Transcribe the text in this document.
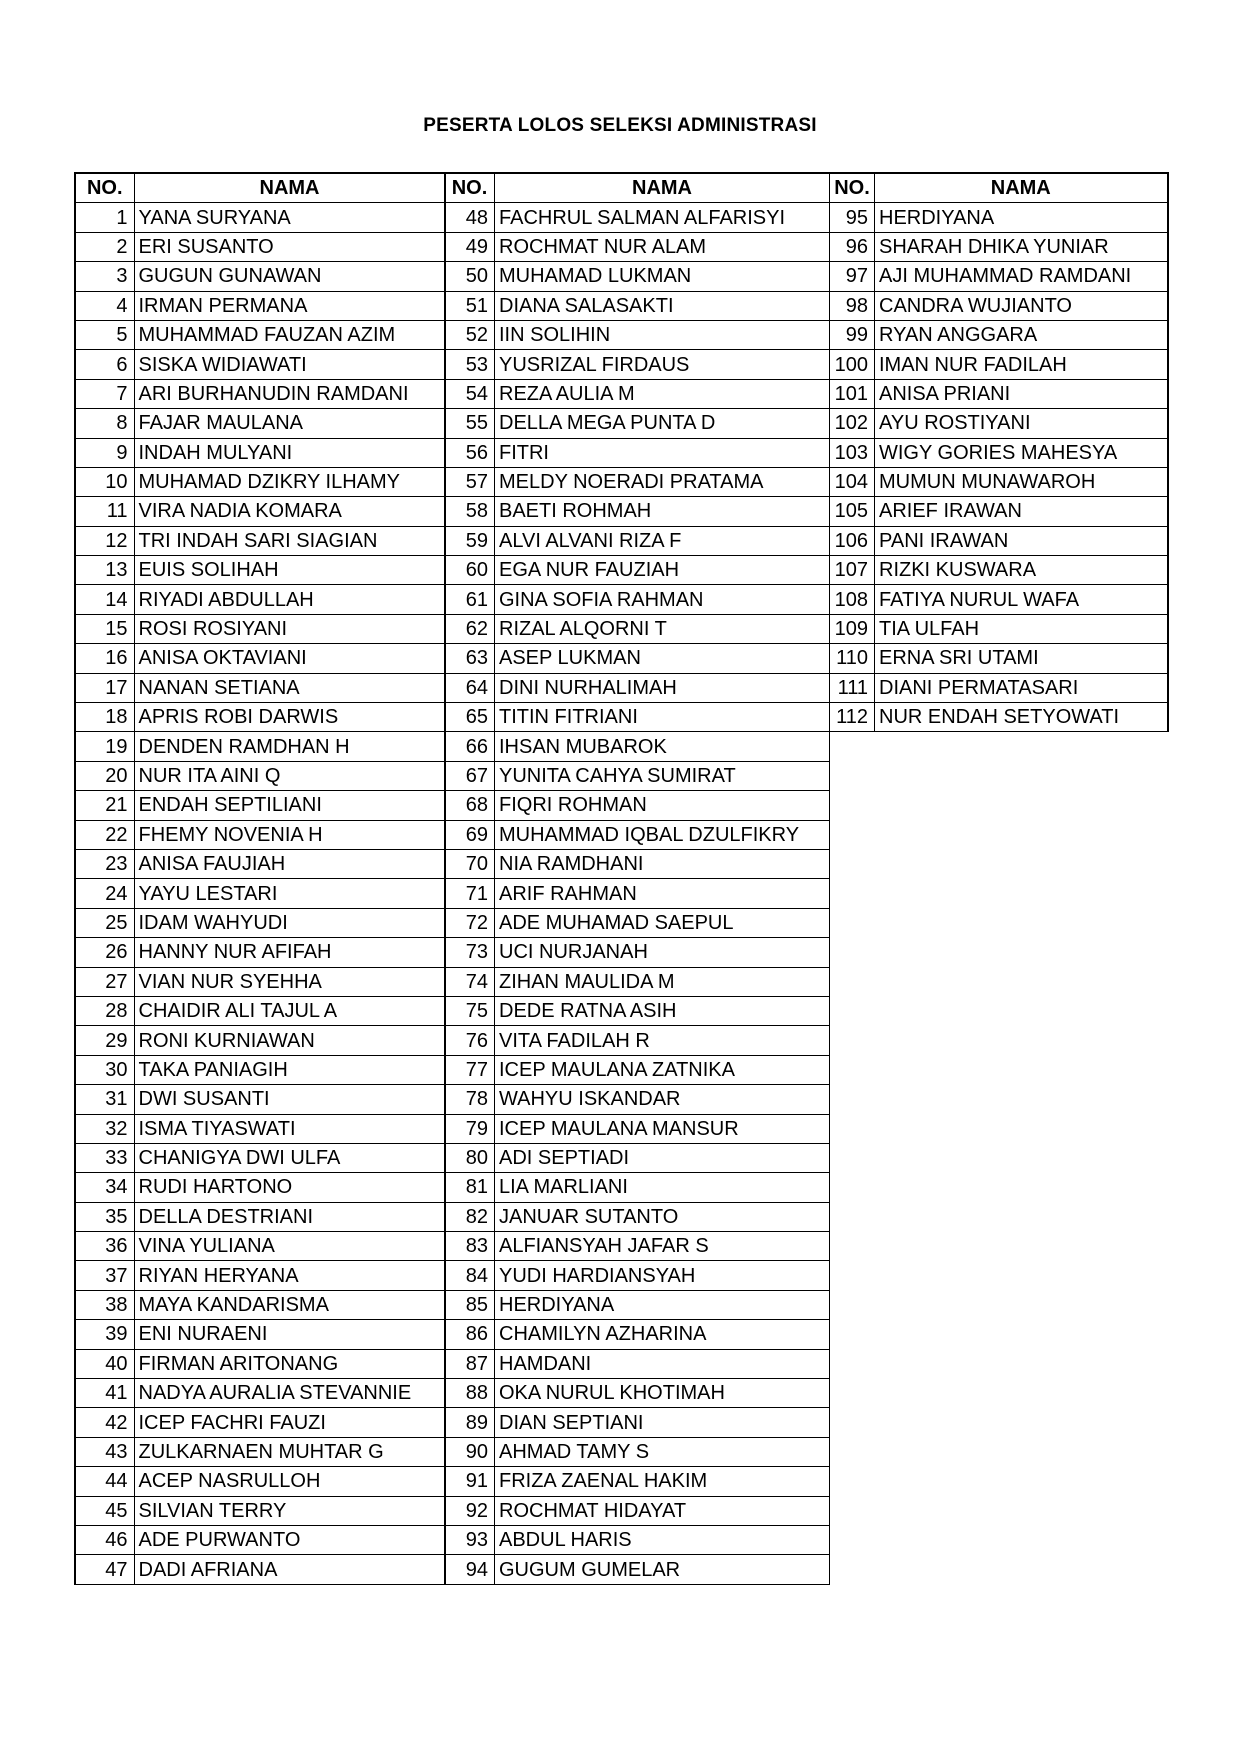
PESERTA LOLOS SELEKSI ADMINISTRASI
NO.	NAMA
1	YANA SURYANA
2	ERI SUSANTO
3	GUGUN GUNAWAN
4	IRMAN PERMANA
5	MUHAMMAD FAUZAN AZIM
6	SISKA WIDIAWATI
7	ARI BURHANUDIN RAMDANI
8	FAJAR MAULANA
9	INDAH MULYANI
10	MUHAMAD DZIKRY ILHAMY
11	VIRA NADIA KOMARA
12	TRI INDAH SARI SIAGIAN
13	EUIS SOLIHAH
14	RIYADI ABDULLAH
15	ROSI ROSIYANI
16	ANISA OKTAVIANI
17	NANAN SETIANA
18	APRIS ROBI DARWIS
19	DENDEN RAMDHAN H
20	NUR ITA AINI Q
21	ENDAH SEPTILIANI
22	FHEMY NOVENIA H
23	ANISA FAUJIAH
24	YAYU LESTARI
25	IDAM WAHYUDI
26	HANNY NUR AFIFAH
27	VIAN NUR SYEHHA
28	CHAIDIR ALI TAJUL A
29	RONI KURNIAWAN
30	TAKA PANIAGIH
31	DWI SUSANTI
32	ISMA TIYASWATI
33	CHANIGYA DWI ULFA
34	RUDI HARTONO
35	DELLA DESTRIANI
36	VINA YULIANA
37	RIYAN HERYANA
38	MAYA KANDARISMA
39	ENI NURAENI
40	FIRMAN ARITONANG
41	NADYA AURALIA STEVANNIE
42	ICEP FACHRI FAUZI
43	ZULKARNAEN MUHTAR G
44	ACEP NASRULLOH
45	SILVIAN TERRY
46	ADE PURWANTO
47	DADI AFRIANA
NO.	NAMA
48	FACHRUL SALMAN ALFARISYI
49	ROCHMAT NUR ALAM
50	MUHAMAD LUKMAN
51	DIANA SALASAKTI
52	IIN SOLIHIN
53	YUSRIZAL FIRDAUS
54	REZA AULIA M
55	DELLA MEGA PUNTA D
56	FITRI
57	MELDY NOERADI PRATAMA
58	BAETI ROHMAH
59	ALVI ALVANI RIZA F
60	EGA NUR FAUZIAH
61	GINA SOFIA RAHMAN
62	RIZAL ALQORNI T
63	ASEP LUKMAN
64	DINI NURHALIMAH
65	TITIN FITRIANI
66	IHSAN MUBAROK
67	YUNITA CAHYA SUMIRAT
68	FIQRI ROHMAN
69	MUHAMMAD IQBAL DZULFIKRY
70	NIA RAMDHANI
71	ARIF RAHMAN
72	ADE MUHAMAD SAEPUL
73	UCI NURJANAH
74	ZIHAN MAULIDA M
75	DEDE RATNA ASIH
76	VITA FADILAH R
77	ICEP MAULANA ZATNIKA
78	WAHYU ISKANDAR
79	ICEP MAULANA MANSUR
80	ADI SEPTIADI
81	LIA MARLIANI
82	JANUAR SUTANTO
83	ALFIANSYAH JAFAR S
84	YUDI HARDIANSYAH
85	HERDIYANA
86	CHAMILYN AZHARINA
87	HAMDANI
88	OKA NURUL KHOTIMAH
89	DIAN SEPTIANI
90	AHMAD TAMY S
91	FRIZA ZAENAL HAKIM
92	ROCHMAT HIDAYAT
93	ABDUL HARIS
94	GUGUM GUMELAR
NO.	NAMA
95	HERDIYANA
96	SHARAH DHIKA YUNIAR
97	AJI MUHAMMAD RAMDANI
98	CANDRA WUJIANTO
99	RYAN ANGGARA
100	IMAN NUR FADILAH
101	ANISA PRIANI
102	AYU ROSTIYANI
103	WIGY GORIES MAHESYA
104	MUMUN MUNAWAROH
105	ARIEF IRAWAN
106	PANI IRAWAN
107	RIZKI KUSWARA
108	FATIYA NURUL WAFA
109	TIA ULFAH
110	ERNA SRI UTAMI
111	DIANI PERMATASARI
112	NUR ENDAH SETYOWATI
